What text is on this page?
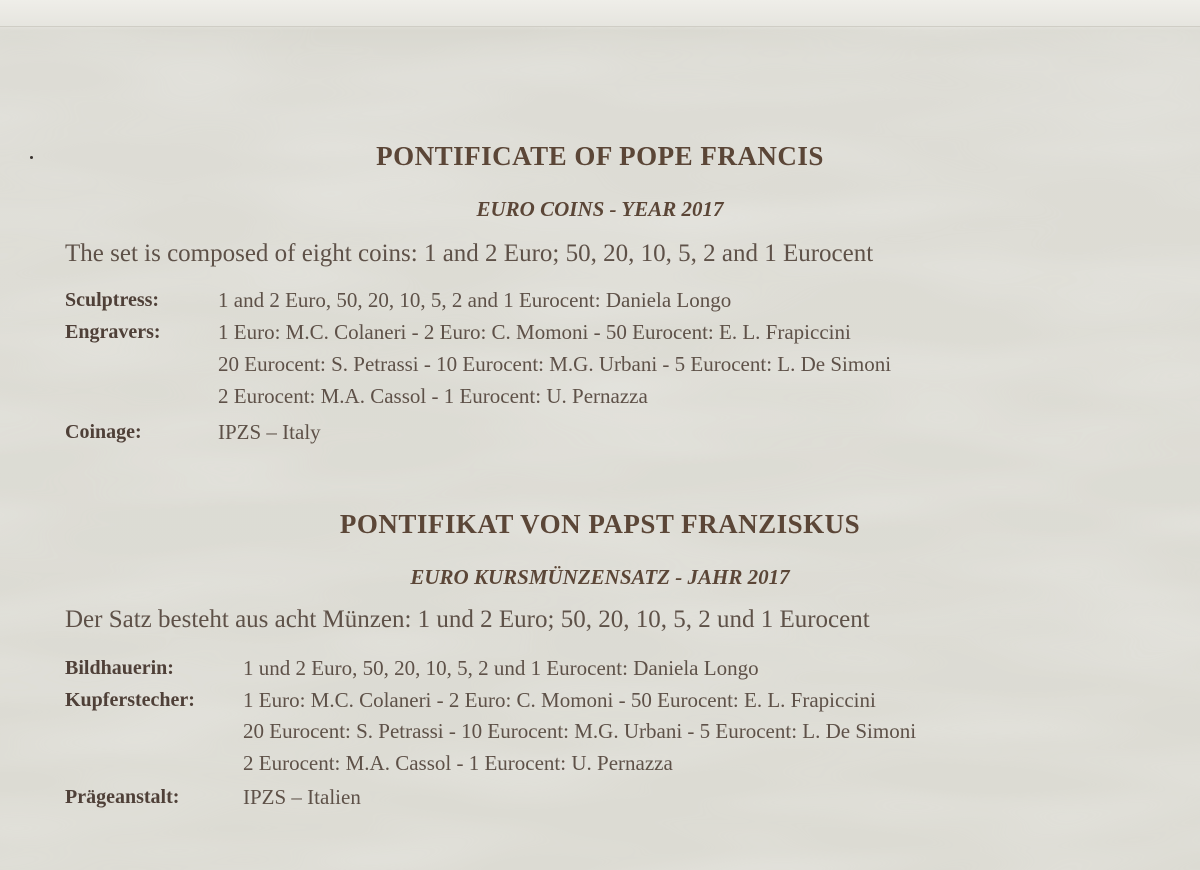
PONTIFICATE OF POPE FRANCIS
EURO COINS - YEAR 2017
The set is composed of eight coins: 1 and 2 Euro; 50, 20, 10, 5, 2 and 1 Eurocent
Sculptress:	1 and 2 Euro, 50, 20, 10, 5, 2 and 1 Eurocent: Daniela Longo
Engravers:	1 Euro: M.C. Colaneri - 2 Euro: C. Momoni - 50 Eurocent: E. L. Frapiccini
20 Eurocent: S. Petrassi - 10 Eurocent: M.G. Urbani - 5 Eurocent: L. De Simoni
2 Eurocent: M.A. Cassol - 1 Eurocent: U. Pernazza
Coinage:	IPZS – Italy
PONTIFIKAT VON PAPST FRANZISKUS
EURO KURSMÜNZENSATZ - JAHR 2017
Der Satz besteht aus acht Münzen: 1 und 2 Euro; 50, 20, 10, 5, 2 und 1 Eurocent
Bildhauerin:	1 und 2 Euro, 50, 20, 10, 5, 2 und 1 Eurocent: Daniela Longo
Kupferstecher: 1 Euro: M.C. Colaneri - 2 Euro: C. Momoni - 50 Eurocent: E. L. Frapiccini
20 Eurocent: S. Petrassi - 10 Eurocent: M.G. Urbani - 5 Eurocent: L. De Simoni
2 Eurocent: M.A. Cassol - 1 Eurocent: U. Pernazza
Prägeanstalt:	IPZS – Italien
